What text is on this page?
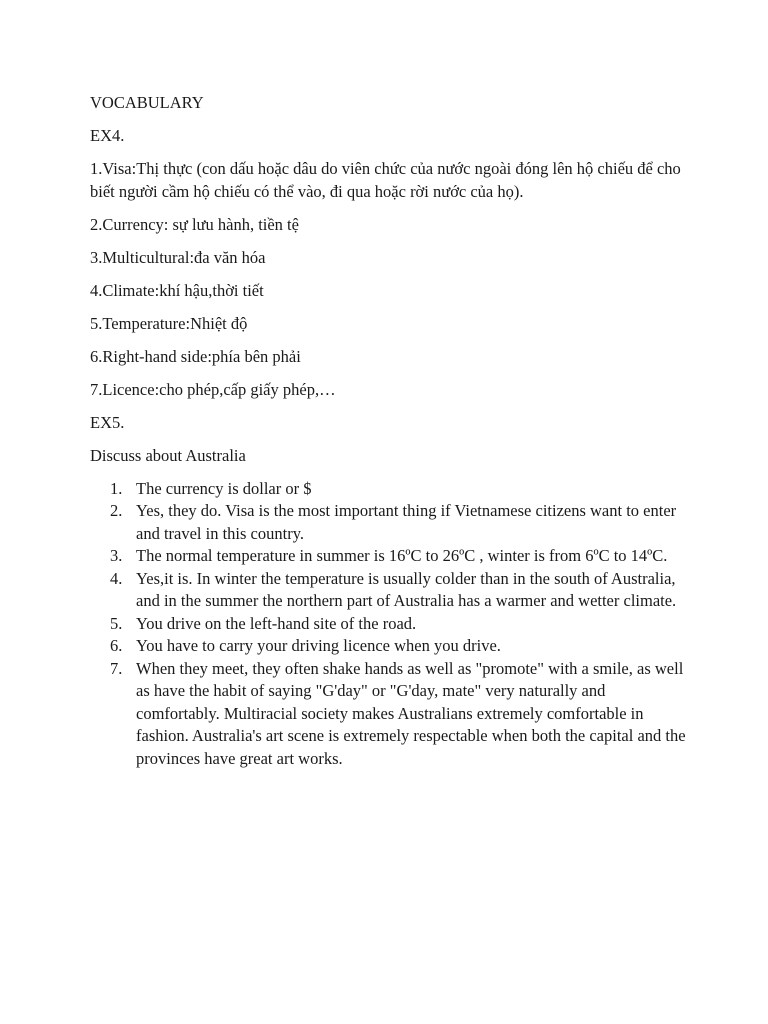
VOCABULARY

EX4.

1.Visa:Thị thực (con dấu hoặc dâu do viên chức của nước ngoài đóng lên hộ chiếu để cho biết người cầm hộ chiếu có thể vào, đi qua hoặc rời nước của họ).

2.Currency: sự lưu hành, tiền tệ

3.Multicultural:đa văn hóa

4.Climate:khí hậu,thời tiết

5.Temperature:Nhiệt độ

6.Right-hand side:phía bên phải

7.Licence:cho phép,cấp giấy phép,…

EX5.

Discuss about Australia

1. The currency is dollar or $
2. Yes, they do. Visa is the most important thing if Vietnamese citizens want to enter and travel in this country.
3. The normal temperature in summer is 16ºC to 26ºC , winter is from 6ºC to 14ºC.
4. Yes,it is. In winter the temperature is usually colder than in the south of Australia, and in the summer the northern part of Australia has a warmer and wetter climate.
5. You drive on the left-hand site of the road.
6. You have to carry your driving licence when you drive.
7. When they meet, they often shake hands as well as "promote" with a smile, as well as have the habit of saying "G'day" or "G'day, mate" very naturally and comfortably. Multiracial society makes Australians extremely comfortable in fashion. Australia's art scene is extremely respectable when both the capital and the provinces have great art works.
